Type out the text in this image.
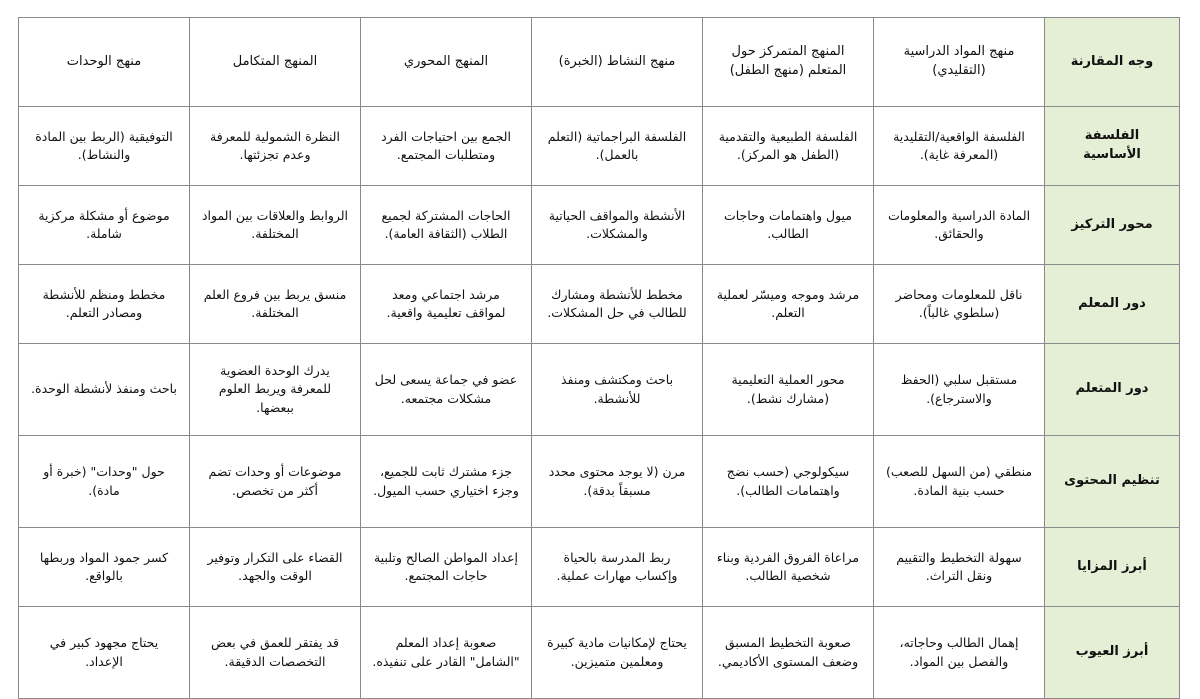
وجه المقارنة	منهج المواد الدراسية (التقليدي)	المنهج المتمركز حول المتعلم (منهج الطفل)	منهج النشاط (الخبرة)	المنهج المحوري	المنهج المتكامل	منهج الوحدات
الفلسفة الأساسية	الفلسفة الواقعية/التقليدية (المعرفة غاية).	الفلسفة الطبيعية والتقدمية (الطفل هو المركز).	الفلسفة البراجماتية (التعلم بالعمل).	الجمع بين احتياجات الفرد ومتطلبات المجتمع.	النظرة الشمولية للمعرفة وعدم تجزئتها.	التوفيقية (الربط بين المادة والنشاط).
محور التركيز	المادة الدراسية والمعلومات والحقائق.	ميول واهتمامات وحاجات الطالب.	الأنشطة والمواقف الحياتية والمشكلات.	الحاجات المشتركة لجميع الطلاب (الثقافة العامة).	الروابط والعلاقات بين المواد المختلفة.	موضوع أو مشكلة مركزية شاملة.
دور المعلم	ناقل للمعلومات ومحاضر (سلطوي غالباً).	مرشد وموجه وميسّر لعملية التعلم.	مخطط للأنشطة ومشارك للطالب في حل المشكلات.	مرشد اجتماعي ومعد لمواقف تعليمية واقعية.	منسق يربط بين فروع العلم المختلفة.	مخطط ومنظم للأنشطة ومصادر التعلم.
دور المتعلم	مستقبل سلبي (الحفظ والاسترجاع).	محور العملية التعليمية (مشارك نشط).	باحث ومكتشف ومنفذ للأنشطة.	عضو في جماعة يسعى لحل مشكلات مجتمعه.	يدرك الوحدة العضوية للمعرفة ويربط العلوم ببعضها.	باحث ومنفذ لأنشطة الوحدة.
تنظيم المحتوى	منطقي (من السهل للصعب) حسب بنية المادة.	سيكولوجي (حسب نضج واهتمامات الطالب).	مرن (لا يوجد محتوى محدد مسبقاً بدقة).	جزء مشترك ثابت للجميع، وجزء اختياري حسب الميول.	موضوعات أو وحدات تضم أكثر من تخصص.	حول "وحدات" (خبرة أو مادة).
أبرز المزايا	سهولة التخطيط والتقييم ونقل التراث.	مراعاة الفروق الفردية وبناء شخصية الطالب.	ربط المدرسة بالحياة وإكساب مهارات عملية.	إعداد المواطن الصالح وتلبية حاجات المجتمع.	القضاء على التكرار وتوفير الوقت والجهد.	كسر جمود المواد وربطها بالواقع.
أبرز العيوب	إهمال الطالب وحاجاته، والفصل بين المواد.	صعوبة التخطيط المسبق وضعف المستوى الأكاديمي.	يحتاج لإمكانيات مادية كبيرة ومعلمين متميزين.	صعوبة إعداد المعلم "الشامل" القادر على تنفيذه.	قد يفتقر للعمق في بعض التخصصات الدقيقة.	يحتاج مجهود كبير في الإعداد.
